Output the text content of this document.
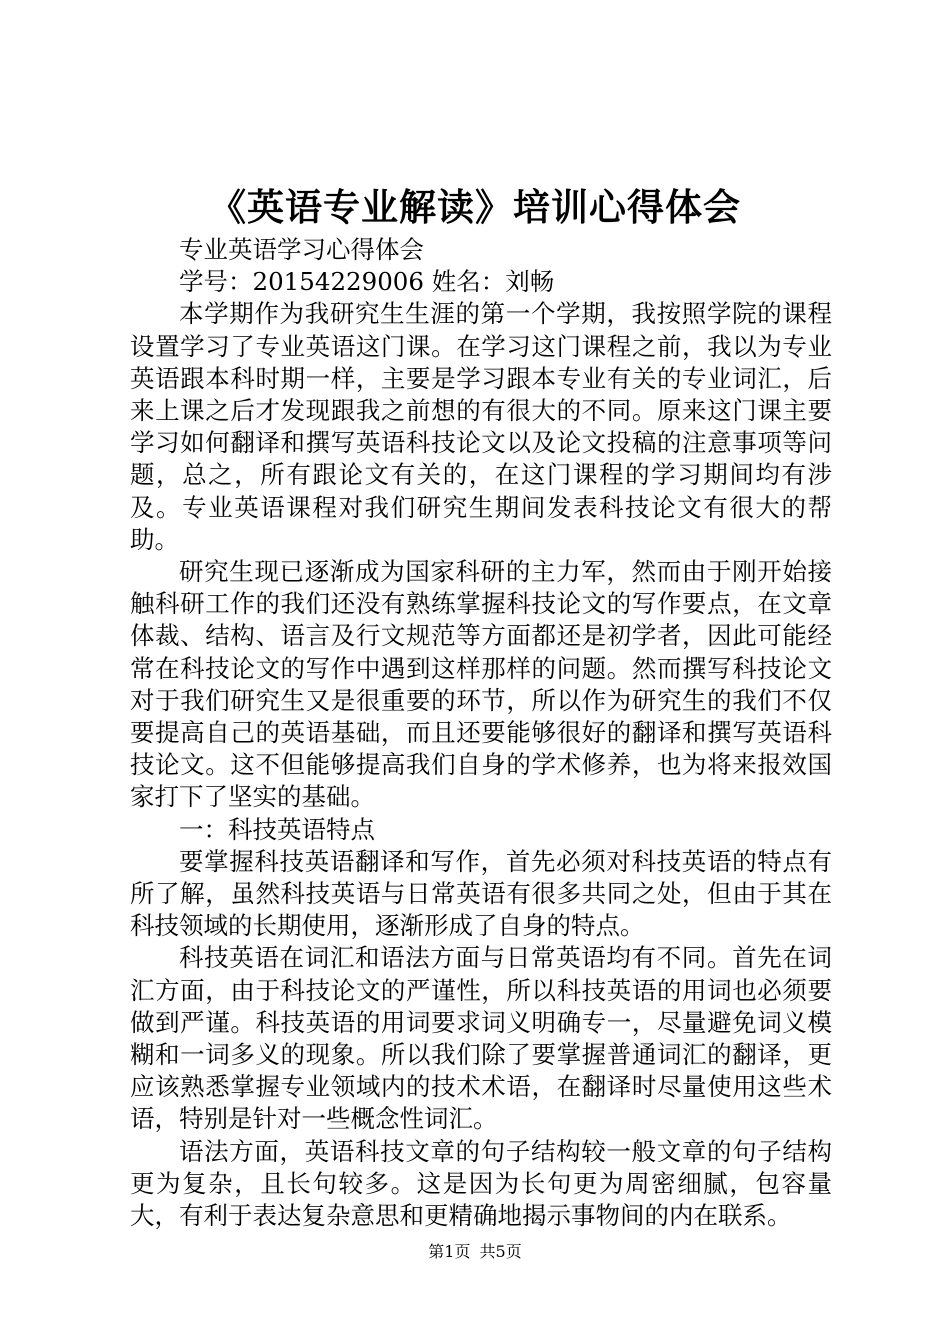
《英语专业解读》培训心得体会

专业英语学习心得体会

学号：20154229006 姓名：刘畅

本学期作为我研究生生涯的第一个学期，我按照学院的课程设置学习了专业英语这门课。在学习这门课程之前，我以为专业英语跟本科时期一样，主要是学习跟本专业有关的专业词汇，后来上课之后才发现跟我之前想的有很大的不同。原来这门课主要学习如何翻译和撰写英语科技论文以及论文投稿的注意事项等问题，总之，所有跟论文有关的，在这门课程的学习期间均有涉及。专业英语课程对我们研究生期间发表科技论文有很大的帮助。

研究生现已逐渐成为国家科研的主力军，然而由于刚开始接触科研工作的我们还没有熟练掌握科技论文的写作要点，在文章体裁、结构、语言及行文规范等方面都还是初学者，因此可能经常在科技论文的写作中遇到这样那样的问题。然而撰写科技论文对于我们研究生又是很重要的环节，所以作为研究生的我们不仅要提高自己的英语基础，而且还要能够很好的翻译和撰写英语科技论文。这不但能够提高我们自身的学术修养，也为将来报效国家打下了坚实的基础。

一：科技英语特点

要掌握科技英语翻译和写作，首先必须对科技英语的特点有所了解，虽然科技英语与日常英语有很多共同之处，但由于其在科技领域的长期使用，逐渐形成了自身的特点。

科技英语在词汇和语法方面与日常英语均有不同。首先在词汇方面，由于科技论文的严谨性，所以科技英语的用词也必须要做到严谨。科技英语的用词要求词义明确专一，尽量避免词义模糊和一词多义的现象。所以我们除了要掌握普通词汇的翻译，更应该熟悉掌握专业领域内的技术术语，在翻译时尽量使用这些术语，特别是针对一些概念性词汇。

语法方面，英语科技文章的句子结构较一般文章的句子结构更为复杂，且长句较多。这是因为长句更为周密细腻，包容量大，有利于表达复杂意思和更精确地揭示事物间的内在联系。

第1页 共5页
